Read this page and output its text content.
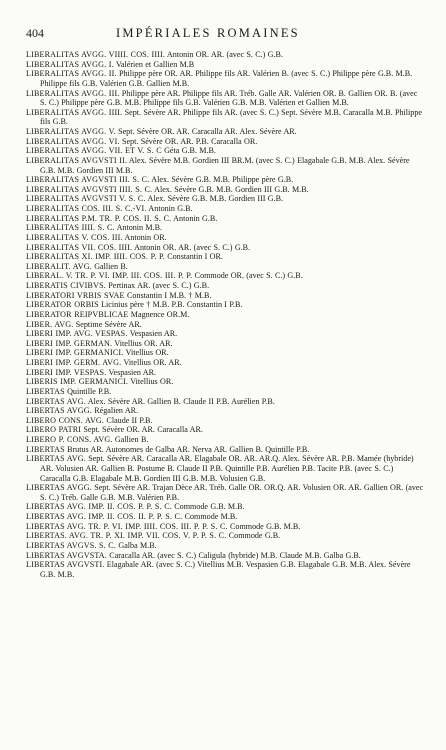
404	IMPÉRIALES ROMAINES
LIBERALITAS AVGG. VIIII. COS. IIII. Antonin OR. AR. (avec S. C.) G.B.
LIBERALITAS AVGG. I. Valérien et Gallien M.B
LIBERALITAS AVGG. II. Philippe père OR. AR. Philippe fils AR. Valérien B. (avec S. C.) Philippe père G.B. M.B. Philippe fils G.B. Valérien G.B. Gallien M.B.
LIBERALITAS AVGG. III. Philippe père AR. Philippe fils AR. Tréb. Galle AR. Valérien OR. B. Gallien OR. B. (avec S. C.) Philippe père G.B. M.B. Philippe fils G.B. Valérien G.B. M.B. Valérien et Gallien M.B.
LIBERALITAS AVGG. IIII. Sept. Sévère AR. Philippe fils AR. (avec S. C.) Sept. Sévère M.B. Caracalla M.B. Philippe fils G.B.
LIBERALITAS AVGG. V. Sept. Sévère OR. AR. Caracalla AR. Alex. Sévère AR.
LIBERALITAS AVGG. VI. Sept. Sévère OR. AR. P.B. Caracalla OR.
LIBERALITAS AVGG. VII. ET V. S. C Géta G.B. M.B.
LIBERALITAS AVGVSTI II. Alex. Sévère M.B. Gordien III BR.M. (avec S. C.) Elagabale G.B. M.B. Alex. Sévère G.B. M.B. Gordien III M.B.
LIBERALITAS AVGVSTI III. S. C. Alex. Sévère G.B. M.B. Philippe père G.B.
LIBERALITAS AVGVSTI IIII. S. C. Alex. Sévère G.B. M.B. Gordien III G.B. M.B.
LIBERALITAS AVGVSTI V. S. C. Alex. Sévère G.B. M.B. Gordien III G.B.
LIBERALITAS COS. III. S. C.-VI. Antonin G.B.
LIBERALITAS P.M. TR. P. COS. II. S. C. Antonin G.B.
LIBERALITAS IIII. S. C. Antonin M.B.
LIBERALITAS V. COS. III. Antonin OR.
LIBERALITAS VII. COS. IIII. Antonin OR. AR. (avec S. C.) G.B.
LIBERALITAS XI. IMP. IIII. COS. P. P. Constantin I OR.
LIBERALIT. AVG. Gallien B.
LIBERAL. V. TR. P. VI. IMP. III. COS. III. P. P. Commode OR. (avec S. C.) G.B.
LIBERATIS CIVIBVS. Pertinax AR. (avec S. C.) G.B.
LIBERATORI VRBIS SVAE Constantin I M.B. † M.B.
LIBERATOR ORBIS Licinius père † M.B. P.B. Constantin I P.B.
LIBERATOR REIPVBLICAE Magnence OR.M.
LIBER. AVG. Septime Sévère AR.
LIBERI IMP. AVG. VESPAS. Vespasien AR.
LIBERI IMP. GERMAN. Vitellius OR. AR.
LIBERI IMP. GERMANICI. Vitellius OR.
LIBERI IMP. GERM. AVG. Vitellius OR. AR.
LIBERI IMP. VESPAS. Vespasien AR.
LIBERIS IMP. GERMANICI. Vitellius OR.
LIBERTAS Quintille P.B.
LIBERTAS AVG. Alex. Sévère AR. Gallien B. Claude II P.B. Aurélien P.B.
LIBERTAS AVGG. Régalien AR.
LIBERO CONS. AVG. Claude II P.B.
LIBERO PATRI Sept. Sévère OR. AR. Caracalla AR.
LIBERO P. CONS. AVG. Gallien B.
LIBERTAS Brutus AR. Autonomes de Galba AR. Nerva AR. Gallien B. Quintille P.B.
LIBERTAS AVG. Sept. Sévère AR. Caracalla AR. Elagabale OR. AR. AR.Q. Alex. Sévère AR. P.B. Mamée (hybride) AR. Volusien AR. Gallien B. Postume B. Claude II P.B. Quintille P.B. Aurélien P.B. Tacite P.B. (avec S. C.) Caracalla G.B. Elagabale M.B. Gordien III G.B. M.B. Volusien G.B.
LIBERTAS AVGG. Sept. Sévère AR. Trajan Dèce AR. Tréb. Galle OR. OR.Q. AR. Volusien OR. AR. Gallien OR. (avec S. C.) Tréb. Galle G.B. M.B. Valérien P.B.
LIBERTAS AVG. IMP. II. COS. P. P. S. C. Commode G.B. M.B.
LIBERTAS AVG. IMP. II. COS. II. P. P. S. C. Commode M.B.
LIBERTAS AVG. TR. P. VI. IMP. IIII. COS. III. P. P. S. C. Commode G.B. M.B.
LIBERTAS. AVG. TR. P. XI. IMP. VII. COS. V. P. P. S. C. Commode G.B.
LIBERTAS AVGVS. S. C. Galba M.B.
LIBERTAS AVGVSTA. Caracalla AR. (avec S. C.) Caligula (hybride) M.B. Claude M.B. Galba G.B.
LIBERTAS AVGVSTI. Elagabale AR. (avec S. C.) Vitellius M.B. Vespasien G.B. Elagabale G.B. M.B. Alex. Sévère G.B. M.B.
